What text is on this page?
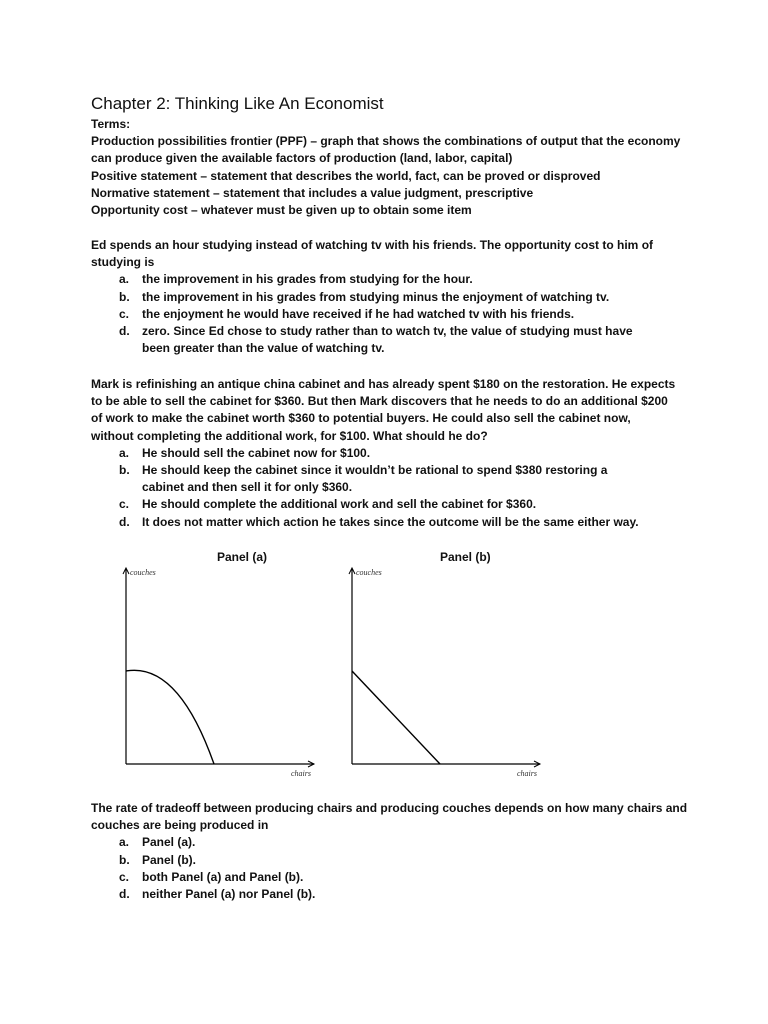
Chapter 2: Thinking Like An Economist

Terms:

Production possibilities frontier (PPF) – graph that shows the combinations of output that the economy

can produce given the available factors of production (land, labor, capital)

Positive statement – statement that describes the world, fact, can be proved or disproved

Normative statement – statement that includes a value judgment, prescriptive

Opportunity cost – whatever must be given up to obtain some item

Ed spends an hour studying instead of watching tv with his friends. The opportunity cost to him of

studying is

a. the improvement in his grades from studying for the hour.
b. the improvement in his grades from studying minus the enjoyment of watching tv.
c. the enjoyment he would have received if he had watched tv with his friends.
d. zero. Since Ed chose to study rather than to watch tv, the value of studying must have
been greater than the value of watching tv.

Mark is refinishing an antique china cabinet and has already spent $180 on the restoration. He expects

to be able to sell the cabinet for $360. But then Mark discovers that he needs to do an additional $200

of work to make the cabinet worth $360 to potential buyers. He could also sell the cabinet now,

without completing the additional work, for $100. What should he do?

a. He should sell the cabinet now for $100.
b. He should keep the cabinet since it wouldn’t be rational to spend $380 restoring a
cabinet and then sell it for only $360.
c. He should complete the additional work and sell the cabinet for $360.
d. It does not matter which action he takes since the outcome will be the same either way.
Panel (a)	Panel (b)
couches
chairs
couches
chairs

The rate of tradeoff between producing chairs and producing couches depends on how many chairs and

couches are being produced in

a. Panel (a).
b. Panel (b).
c. both Panel (a) and Panel (b).
d. neither Panel (a) nor Panel (b).
